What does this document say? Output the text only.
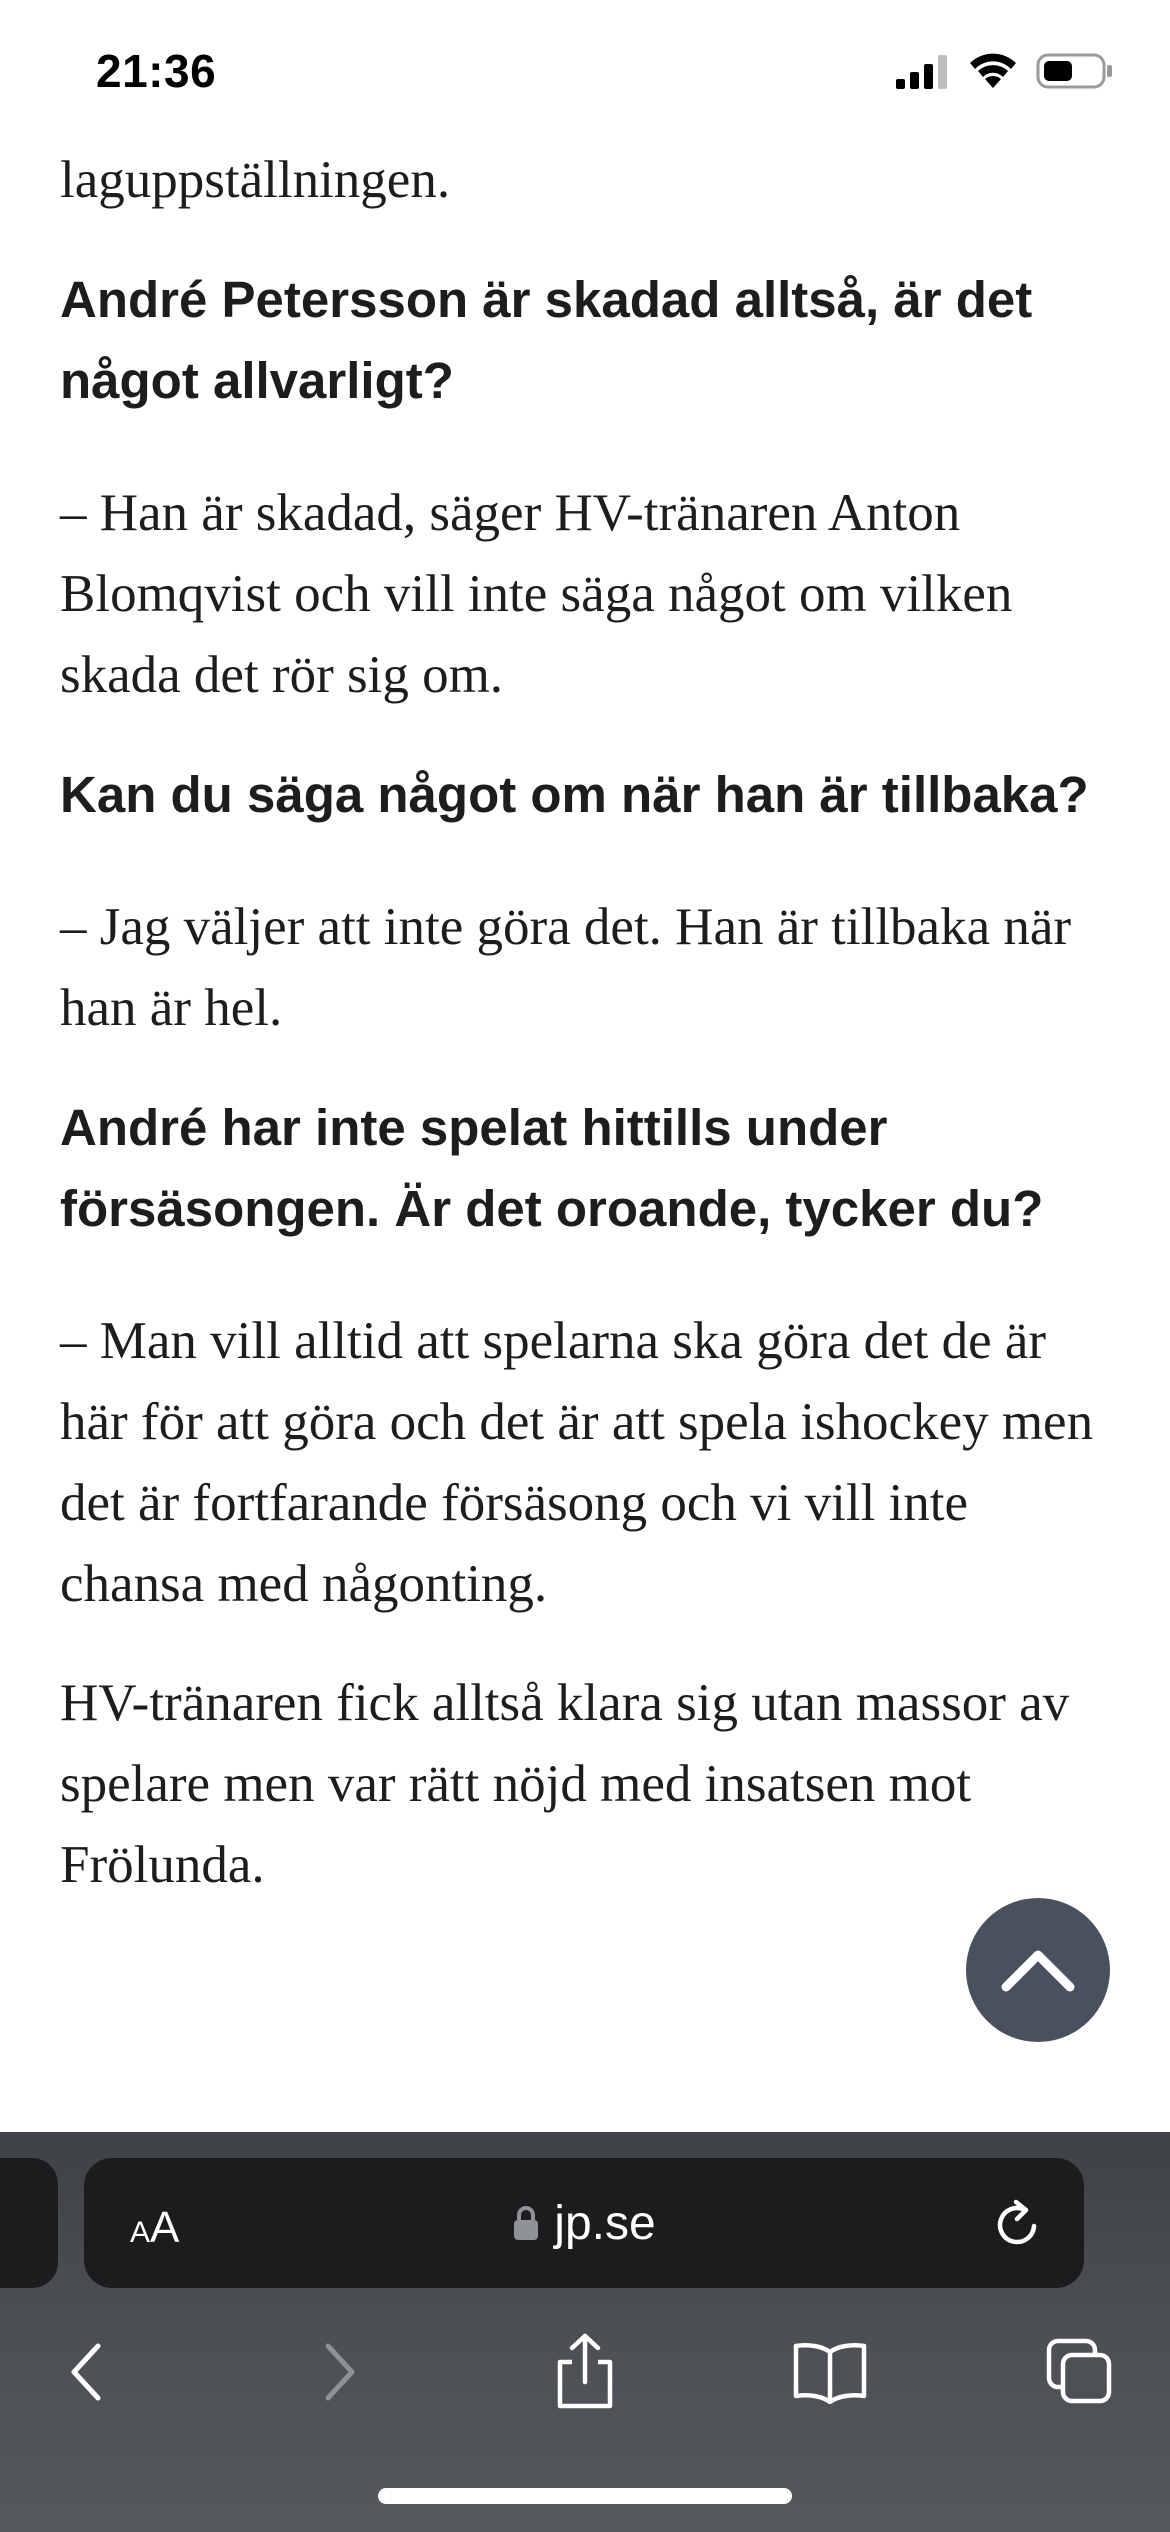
21:36

laguppställningen.

André Petersson är skadad alltså, är det något allvarligt?

– Han är skadad, säger HV-tränaren Anton Blomqvist och vill inte säga något om vilken skada det rör sig om.

Kan du säga något om när han är tillbaka?

– Jag väljer att inte göra det. Han är tillbaka när han är hel.

André har inte spelat hittills under försäsongen. Är det oroande, tycker du?

– Man vill alltid att spelarna ska göra det de är här för att göra och det är att spela ishockey men det är fortfarande försäsong och vi vill inte chansa med någonting.

HV-tränaren fick alltså klara sig utan massor av spelare men var rätt nöjd med insatsen mot Frölunda.

jp.se
A A
